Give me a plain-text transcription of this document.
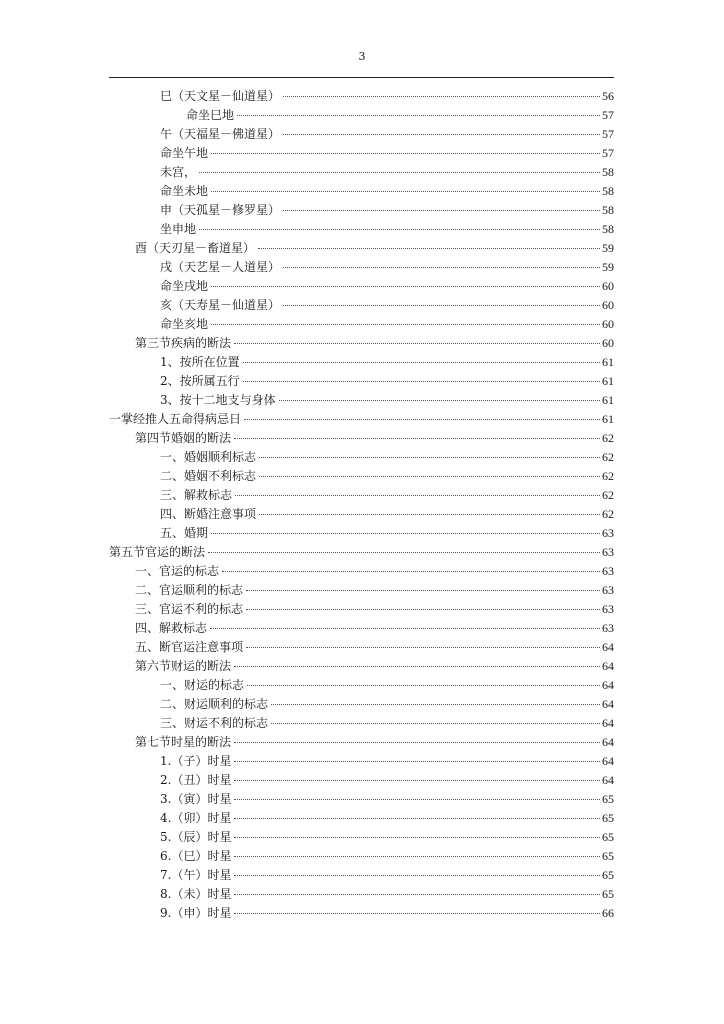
3
巳（天文星－仙道星）	56
命坐巳地	57
午（天福星－佛道星）	57
命坐午地	57
未宫，	58
命坐未地	58
申（天孤星－修罗星）	58
坐申地	58
酉（天刃星－畜道星）	59
戌（天艺星－人道星）	59
命坐戌地	60
亥（天寿星－仙道星）	60
命坐亥地	60
第三节疾病的断法	60
1、按所在位置	61
2、按所属五行	61
3、按十二地支与身体	61
一掌经推人五命得病忌日	61
第四节婚姻的断法	62
一、婚姻顺利标志	62
二、婚姻不利标志	62
三、解救标志	62
四、断婚注意事项	62
五、婚期	63
第五节官运的断法	63
一、官运的标志	63
二、官运顺利的标志	63
三、官运不利的标志	63
四、解救标志	63
五、断官运注意事项	64
第六节财运的断法	64
一、财运的标志	64
二、财运顺利的标志	64
三、财运不利的标志	64
第七节时星的断法	64
1.（子）时星	64
2.（丑）时星	64
3.（寅）时星	65
4.（卯）时星	65
5.（辰）时星	65
6.（巳）时星	65
7.（午）时星	65
8.（未）时星	65
9.（申）时星	66
